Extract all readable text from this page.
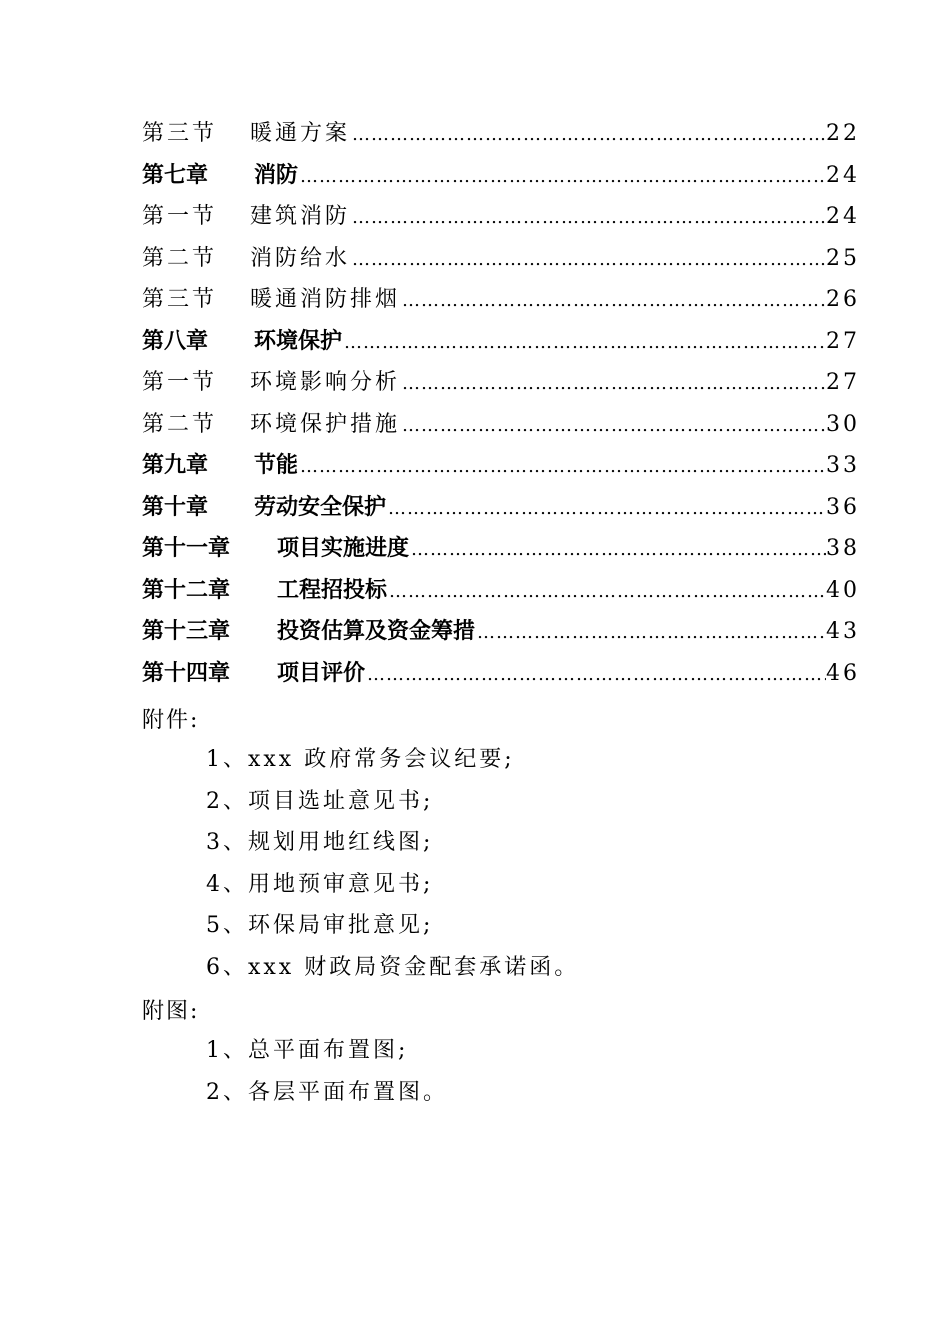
第三节	暖通方案 ………………………………………………………………………………………………………………………………………………………………………………	22
第七章	消防 ………………………………………………………………………………………………………………………………………………………………………………	24
第一节	建筑消防 ………………………………………………………………………………………………………………………………………………………………………………	24
第二节	消防给水 ………………………………………………………………………………………………………………………………………………………………………………	25
第三节	暖通消防排烟 ………………………………………………………………………………………………………………………………………………………………………………	26
第八章	环境保护 ………………………………………………………………………………………………………………………………………………………………………………	27
第一节	环境影响分析 ………………………………………………………………………………………………………………………………………………………………………………	27
第二节	环境保护措施 ………………………………………………………………………………………………………………………………………………………………………………	30
第九章	节能 ………………………………………………………………………………………………………………………………………………………………………………	33
第十章	劳动安全保护 ………………………………………………………………………………………………………………………………………………………………………………	36
第十一章	项目实施进度 ………………………………………………………………………………………………………………………………………………………………………………	38
第十二章	工程招投标 ………………………………………………………………………………………………………………………………………………………………………………	40
第十三章	投资估算及资金筹措 ………………………………………………………………………………………………………………………………………………………………………………	43
第十四章	项目评价 ………………………………………………………………………………………………………………………………………………………………………………	46
附件:
1、xxx 政府常务会议纪要;
2、项目选址意见书;
3、规划用地红线图;
4、用地预审意见书;
5、环保局审批意见;
6、xxx 财政局资金配套承诺函。
附图:
1、总平面布置图;
2、各层平面布置图。
